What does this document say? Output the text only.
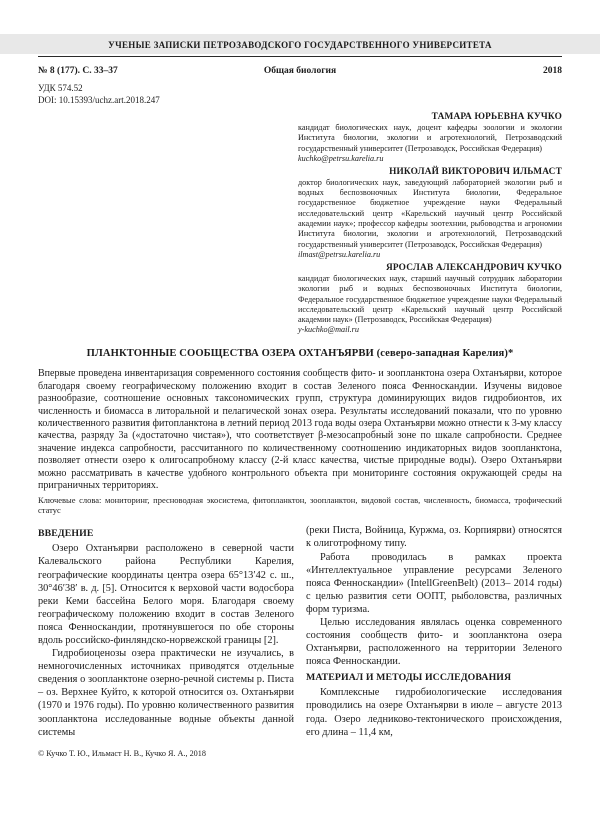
УЧЕНЫЕ ЗАПИСКИ ПЕТРОЗАВОДСКОГО ГОСУДАРСТВЕННОГО УНИВЕРСИТЕТА
№ 8 (177). С. 33–37	Общая биология	2018
УДК 574.52
DOI: 10.15393/uchz.art.2018.247
ТАМАРА ЮРЬЕВНА КУЧКО
кандидат биологических наук, доцент кафедры зоологии и экологии Института биологии, экологии и агротехнологий, Петрозаводский государственный университет (Петрозаводск, Российская Федерация)
kuchko@petrsu.karelia.ru
НИКОЛАЙ ВИКТОРОВИЧ ИЛЬМАСТ
доктор биологических наук, заведующий лабораторией экологии рыб и водных беспозвоночных Института биологии, Федеральное государственное бюджетное учреждение науки Федеральный исследовательский центр «Карельский научный центр Российской академии наук»; профессор кафедры зоотехнии, рыбоводства и агрономии Института биологии, экологии и агротехнологий, Петрозаводский государственный университет (Петрозаводск, Российская Федерация)
ilmast@petrsu.karelia.ru
ЯРОСЛАВ АЛЕКСАНДРОВИЧ КУЧКО
кандидат биологических наук, старший научный сотрудник лаборатории экологии рыб и водных беспозвоночных Института биологии, Федеральное государственное бюджетное учреждение науки Федеральный исследовательский центр «Карельский научный центр Российской академии наук» (Петрозаводск, Российская Федерация)
y-kuchko@mail.ru
ПЛАНКТОННЫЕ СООБЩЕСТВА ОЗЕРА ОХТАНЪЯРВИ (северо-западная Карелия)*

Впервые проведена инвентаризация современного состояния сообществ фито- и зоопланктона озера Охтанъярви, которое благодаря своему географическому положению входит в состав Зеленого пояса Фенноскандии. Изучены видовое разнообразие, соотношение основных таксономических групп, структура доминирующих видов гидробионтов, их численность и биомасса в литоральной и пелагической зонах озера. Результаты исследований показали, что по уровню количественного развития фитопланктона в летний период 2013 года воды озера Охтанъярви можно отнести к 3-му классу качества, разряду 3а («достаточно чистая»), что соответствует β-мезосапробный зоне по шкале сапробности. Среднее значение индекса сапробности, рассчитанного по количественному соотношению индикаторных видов зоопланктона, позволяет отнести озеро к олигосапробному классу (2-й класс качества, чистые природные воды). Озеро Охтанъярви можно рассматривать в качестве удобного контрольного объекта при мониторинге состояния окружающей среды на приграничных территориях.

Ключевые слова: мониторинг, пресноводная экосистема, фитопланктон, зоопланктон, видовой состав, численность, биомасса, трофический статус

ВВЕДЕНИЕ

Озеро Охтанъярви расположено в северной части Калевальского района Республики Карелия, географические координаты центра озера 65°13′42 с. ш., 30°46′38′ в. д. [5]. Относится к верховой части водосбора реки Кеми бассейна Белого моря. Благодаря своему географическому положению входит в состав Зеленого пояса Фенноскандии, протянувшегося по обе стороны вдоль российско-финляндско-норвежской границы [2].

Гидробиоценозы озера практически не изучались, в немногочисленных источниках приводятся отдельные сведения о зоопланктоне озерно-речной системы р. Писта – оз. Верхнее Куйто, к которой относится оз. Охтанъярви (1970 и 1976 годы). По уровню количественного развития зоопланктона исследованные водные объекты данной системы

© Кучко Т. Ю., Ильмаст Н. В., Кучко Я. А., 2018

(реки Писта, Войница, Куржма, оз. Корпиярви) относятся к олиготрофному типу.

Работа проводилась в рамках проекта «Интеллектуальное управление ресурсами Зеленого пояса Фенноскандии» (IntellGreenBelt) (2013– 2014 годы) с целью развития сети ООПТ, рыболовства, различных форм туризма.

Целью исследования являлась оценка современного состояния сообществ фито- и зоопланктона озера Охтанъярви, расположенного на территории Зеленого пояса Фенноскандии.

МАТЕРИАЛ И МЕТОДЫ ИССЛЕДОВАНИЯ

Комплексные гидробиологические исследования проводились на озере Охтанъярви в июле – августе 2013 года. Озеро ледниково-тектонического происхождения, его длина – 11,4 км,
